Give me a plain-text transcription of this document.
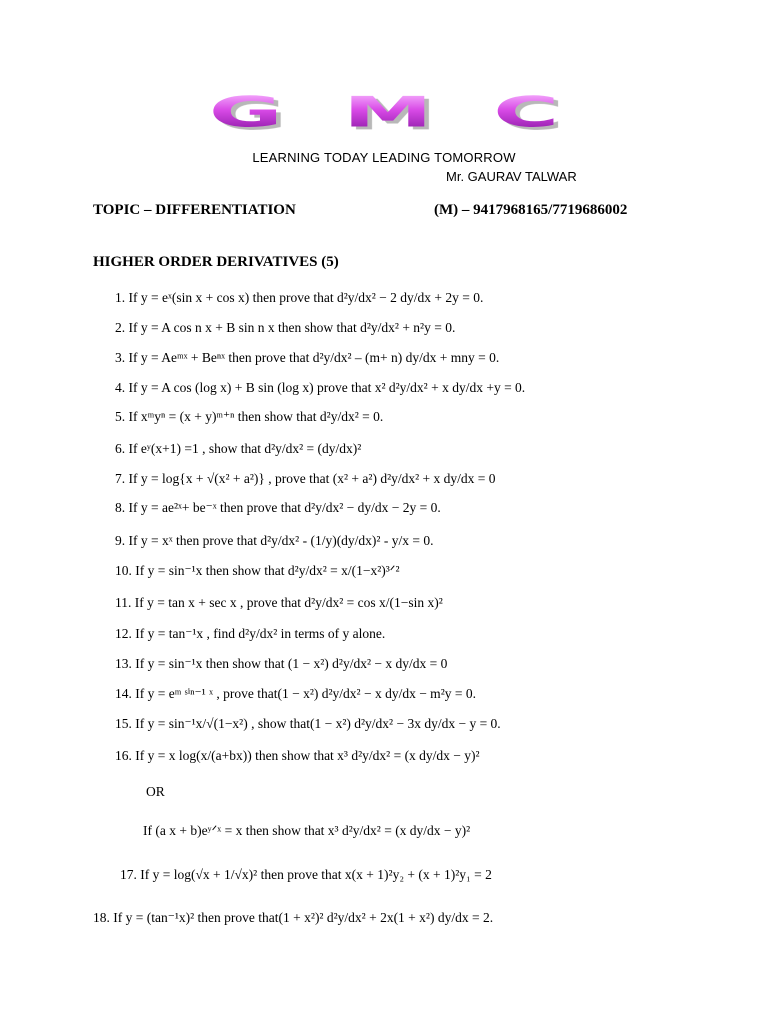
G M C
LEARNING TODAY LEADING TOMORROW
Mr. GAURAV TALWAR
TOPIC – DIFFERENTIATION	(M) – 9417968165/7719686002
HIGHER ORDER DERIVATIVES (5)
1. If y = eˣ(sin x + cos x) then prove that d²y/dx² − 2 dy/dx + 2y = 0.
2. If y = A cos n x + B sin n x then show that d²y/dx² + n²y = 0.
3. If y = Aeᵐˣ + Beⁿˣ then prove that d²y/dx² – (m+ n) dy/dx + mny = 0.
4. If y = A cos (log x) + B sin (log x) prove that x² d²y/dx² + x dy/dx +y = 0.
5. If xᵐyⁿ = (x + y)ᵐ⁺ⁿ then show that d²y/dx² = 0.
6. If eʸ(x+1) =1 , show that d²y/dx² = (dy/dx)²
7. If y = log{x + √(x² + a²)} , prove that (x² + a²) d²y/dx² + x dy/dx = 0
8. If y = ae²ˣ+ be⁻ˣ then prove that d²y/dx² − dy/dx − 2y = 0.
9. If y = xˣ then prove that d²y/dx² - (1/y)(dy/dx)² - y/x = 0.
10. If y = sin⁻¹x then show that d²y/dx² = x/(1−x²)³ᐟ²
11. If y = tan x + sec x , prove that d²y/dx² = cos x/(1−sin x)²
12. If y = tan⁻¹x , find d²y/dx² in terms of y alone.
13. If y = sin⁻¹x then show that (1 − x²) d²y/dx² − x dy/dx = 0
14. If y = eᵐ ˢⁱⁿ⁻¹ ˣ , prove that(1 − x²) d²y/dx² − x dy/dx − m²y = 0.
15. If y = sin⁻¹x/√(1−x²) , show that(1 − x²) d²y/dx² − 3x dy/dx − y = 0.
16. If y = x log(x/(a+bx)) then show that x³ d²y/dx² = (x dy/dx − y)²
OR
If (a x + b)eʸᐟˣ = x then show that x³ d²y/dx² = (x dy/dx − y)²
17. If y = log(√x + 1/√x)² then prove that x(x + 1)²y₂ + (x + 1)²y₁ = 2
18. If y = (tan⁻¹x)² then prove that(1 + x²)² d²y/dx² + 2x(1 + x²) dy/dx = 2.
